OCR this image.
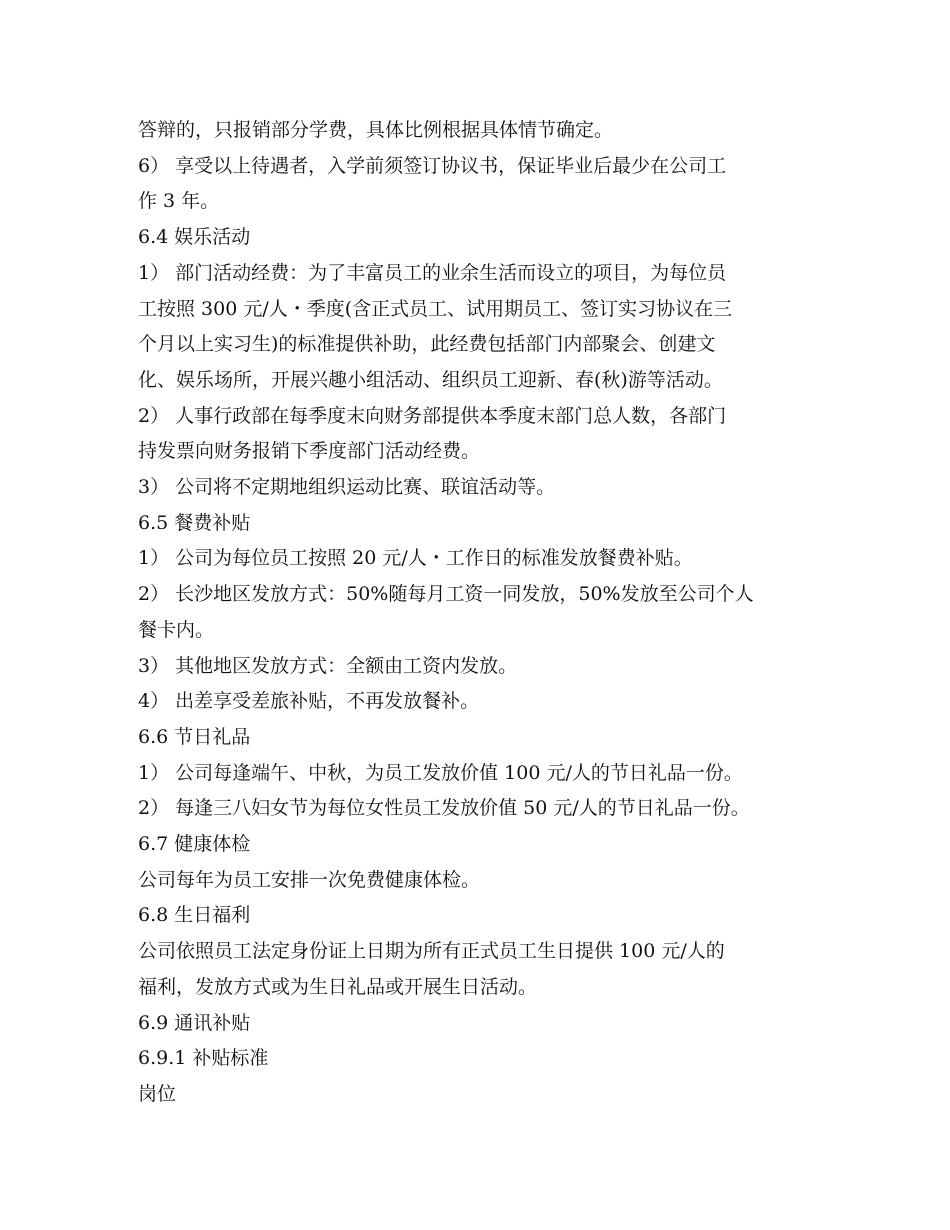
答辩的，只报销部分学费，具体比例根据具体情节确定。
6） 享受以上待遇者，入学前须签订协议书，保证毕业后最少在公司工
作 3 年。
6.4 娱乐活动
1） 部门活动经费：为了丰富员工的业余生活而设立的项目，为每位员
工按照 300 元/人・季度(含正式员工、试用期员工、签订实习协议在三
个月以上实习生)的标准提供补助，此经费包括部门内部聚会、创建文
化、娱乐场所，开展兴趣小组活动、组织员工迎新、春(秋)游等活动。
2） 人事行政部在每季度末向财务部提供本季度末部门总人数，各部门
持发票向财务报销下季度部门活动经费。
3） 公司将不定期地组织运动比赛、联谊活动等。
6.5 餐费补贴
1） 公司为每位员工按照 20 元/人・工作日的标准发放餐费补贴。
2） 长沙地区发放方式：50%随每月工资一同发放，50%发放至公司个人
餐卡内。
3） 其他地区发放方式：全额由工资内发放。
4） 出差享受差旅补贴，不再发放餐补。
6.6 节日礼品
1） 公司每逢端午、中秋，为员工发放价值 100 元/人的节日礼品一份。
2） 每逢三八妇女节为每位女性员工发放价值 50 元/人的节日礼品一份。
6.7 健康体检
公司每年为员工安排一次免费健康体检。
6.8 生日福利
公司依照员工法定身份证上日期为所有正式员工生日提供 100 元/人的
福利，发放方式或为生日礼品或开展生日活动。
6.9 通讯补贴
6.9.1 补贴标准
岗位
